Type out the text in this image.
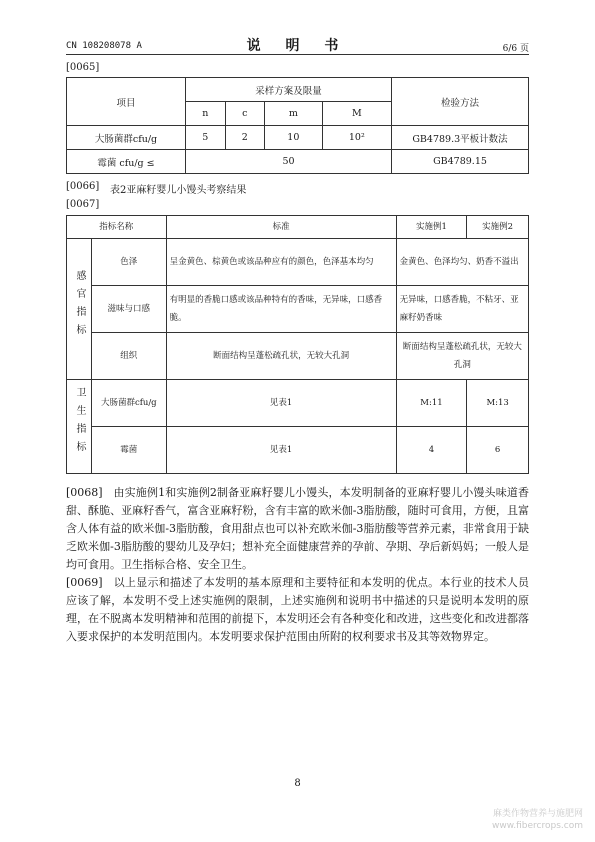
CN 108208078 A	说 明 书	6/6 页
[0065]
项目	采样方案及限量				检验方法
	n	c	m	M	
大肠菌群cfu/g	5	2	10	10²	GB4789.3平板计数法
霉菌 cfu/g ≤	50				GB4789.15
[0066] 表2亚麻籽婴儿小馒头考察结果
[0067]
指标名称		标准	实施例1	实施例2
感官指标	色泽	呈金黄色、棕黄色或该品种应有的颜色，色泽基本均匀	金黄色、色泽均匀、奶香不溢出	
	滋味与口感	有明显的香脆口感或该品种特有的香味，无异味，口感香脆。	无异味，口感香脆，不粘牙、亚麻籽奶香味	
	组织	断面结构呈蓬松疏孔状，无较大孔洞	断面结构呈蓬松疏孔状，无较大孔洞	
卫生指标	大肠菌群cfu/g	见表1	M:11	M:13
	霉菌	见表1	4	6
[0068] 由实施例1和实施例2制备亚麻籽婴儿小馒头，本发明制备的亚麻籽婴儿小馒头味道香甜、酥脆、亚麻籽香气，富含亚麻籽粉，含有丰富的欧米伽-3脂肪酸，随时可食用，方便，且富含人体有益的欧米伽-3脂肪酸，食用甜点也可以补充欧米伽-3脂肪酸等营养元素，非常食用于缺乏欧米伽-3脂肪酸的婴幼儿及孕妇；想补充全面健康营养的孕前、孕期、孕后新妈妈；一般人是均可食用。卫生指标合格、安全卫生。
[0069] 以上显示和描述了本发明的基本原理和主要特征和本发明的优点。本行业的技术人员应该了解，本发明不受上述实施例的限制，上述实施例和说明书中描述的只是说明本发明的原理，在不脱离本发明精神和范围的前提下，本发明还会有各种变化和改进，这些变化和改进都落入要求保护的本发明范围内。本发明要求保护范围由所附的权利要求书及其等效物界定。
8
麻类作物营养与施肥网
www.fibercrops.com
